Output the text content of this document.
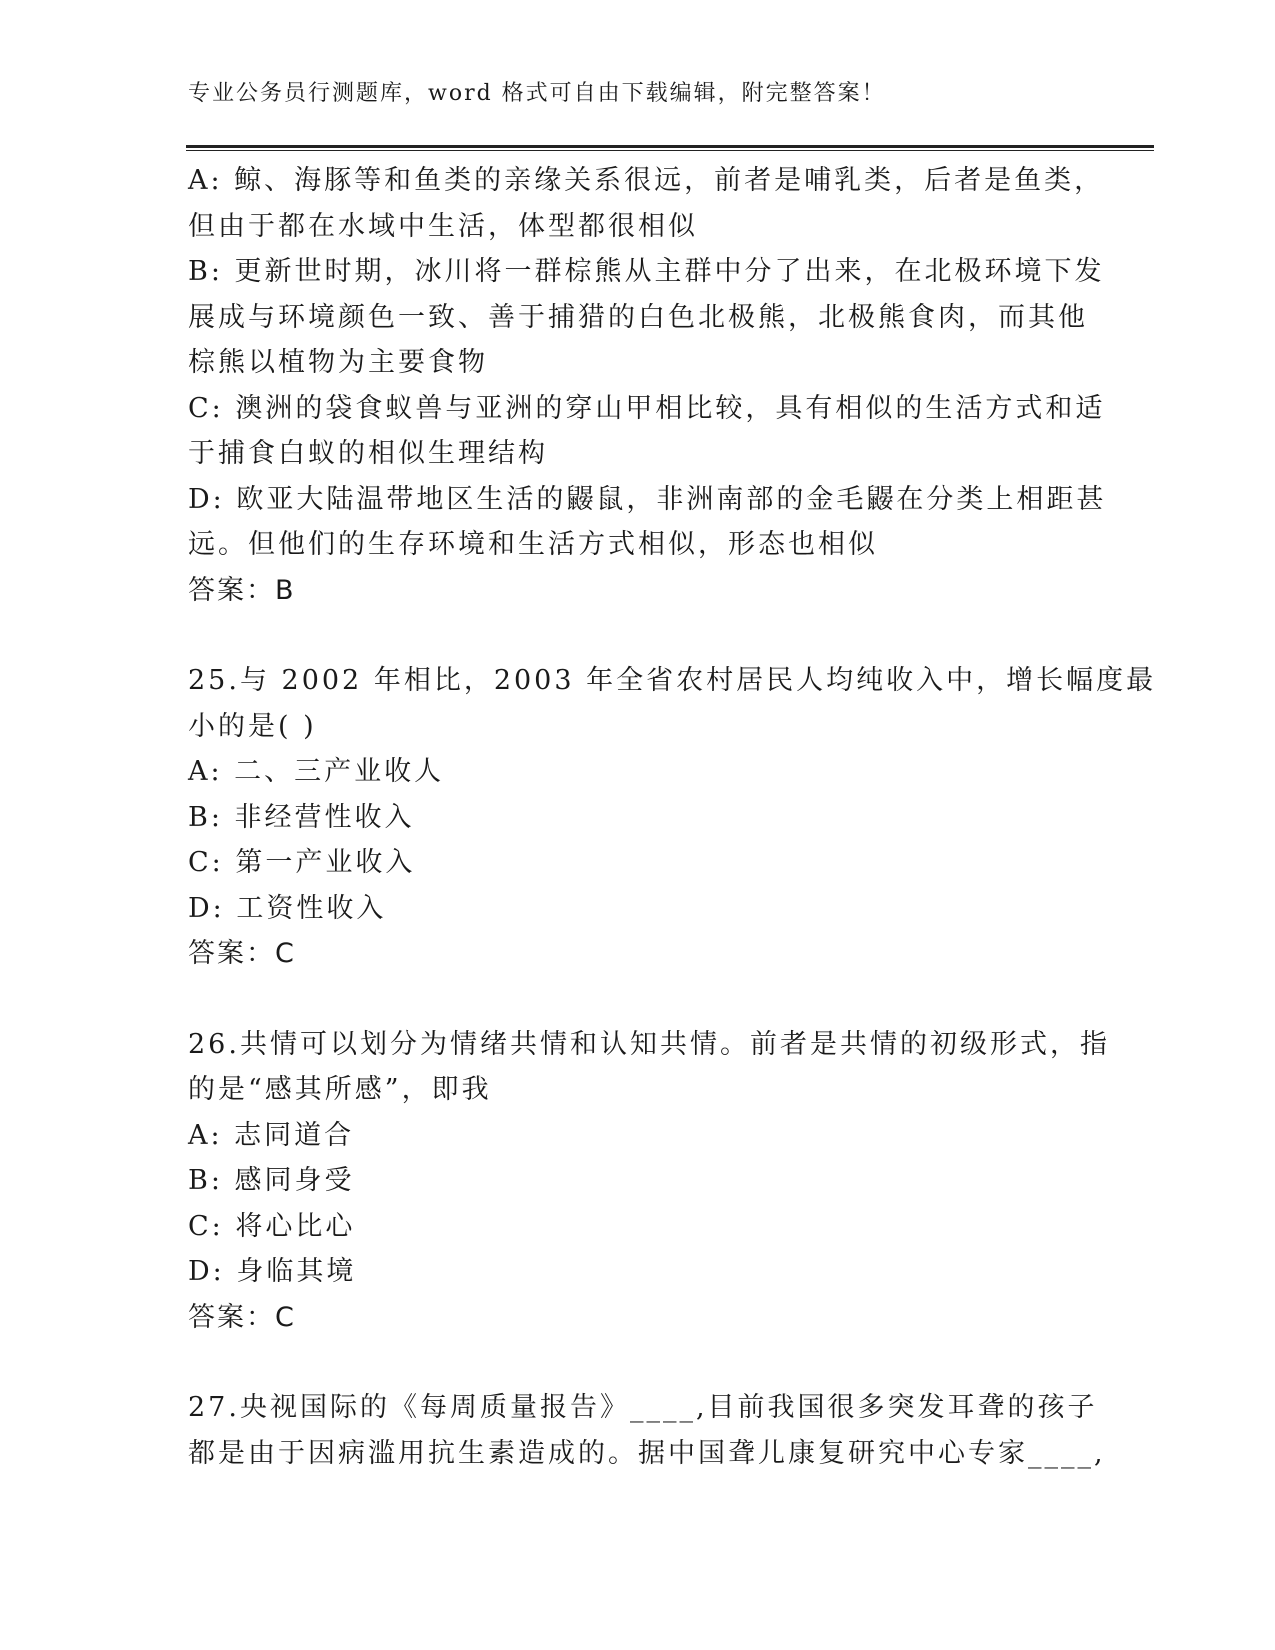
专业公务员行测题库，word 格式可自由下载编辑，附完整答案！
A: 鲸、海豚等和鱼类的亲缘关系很远，前者是哺乳类，后者是鱼类，
但由于都在水域中生活，体型都很相似
B: 更新世时期，冰川将一群棕熊从主群中分了出来，在北极环境下发
展成与环境颜色一致、善于捕猎的白色北极熊，北极熊食肉，而其他
棕熊以植物为主要食物
C: 澳洲的袋食蚁兽与亚洲的穿山甲相比较，具有相似的生活方式和适
于捕食白蚁的相似生理结构
D: 欧亚大陆温带地区生活的鼹鼠，非洲南部的金毛鼹在分类上相距甚
远。但他们的生存环境和生活方式相似，形态也相似
答案：B
25.与 2002 年相比，2003 年全省农村居民人均纯收入中，增长幅度最
小的是( )
A: 二、三产业收人
B: 非经营性收入
C: 第一产业收入
D: 工资性收入
答案：C
26.共情可以划分为情绪共情和认知共情。前者是共情的初级形式，指
的是“感其所感”，即我
A: 志同道合
B: 感同身受
C: 将心比心
D: 身临其境
答案：C
27.央视国际的《每周质量报告》____,目前我国很多突发耳聋的孩子
都是由于因病滥用抗生素造成的。据中国聋儿康复研究中心专家____,
